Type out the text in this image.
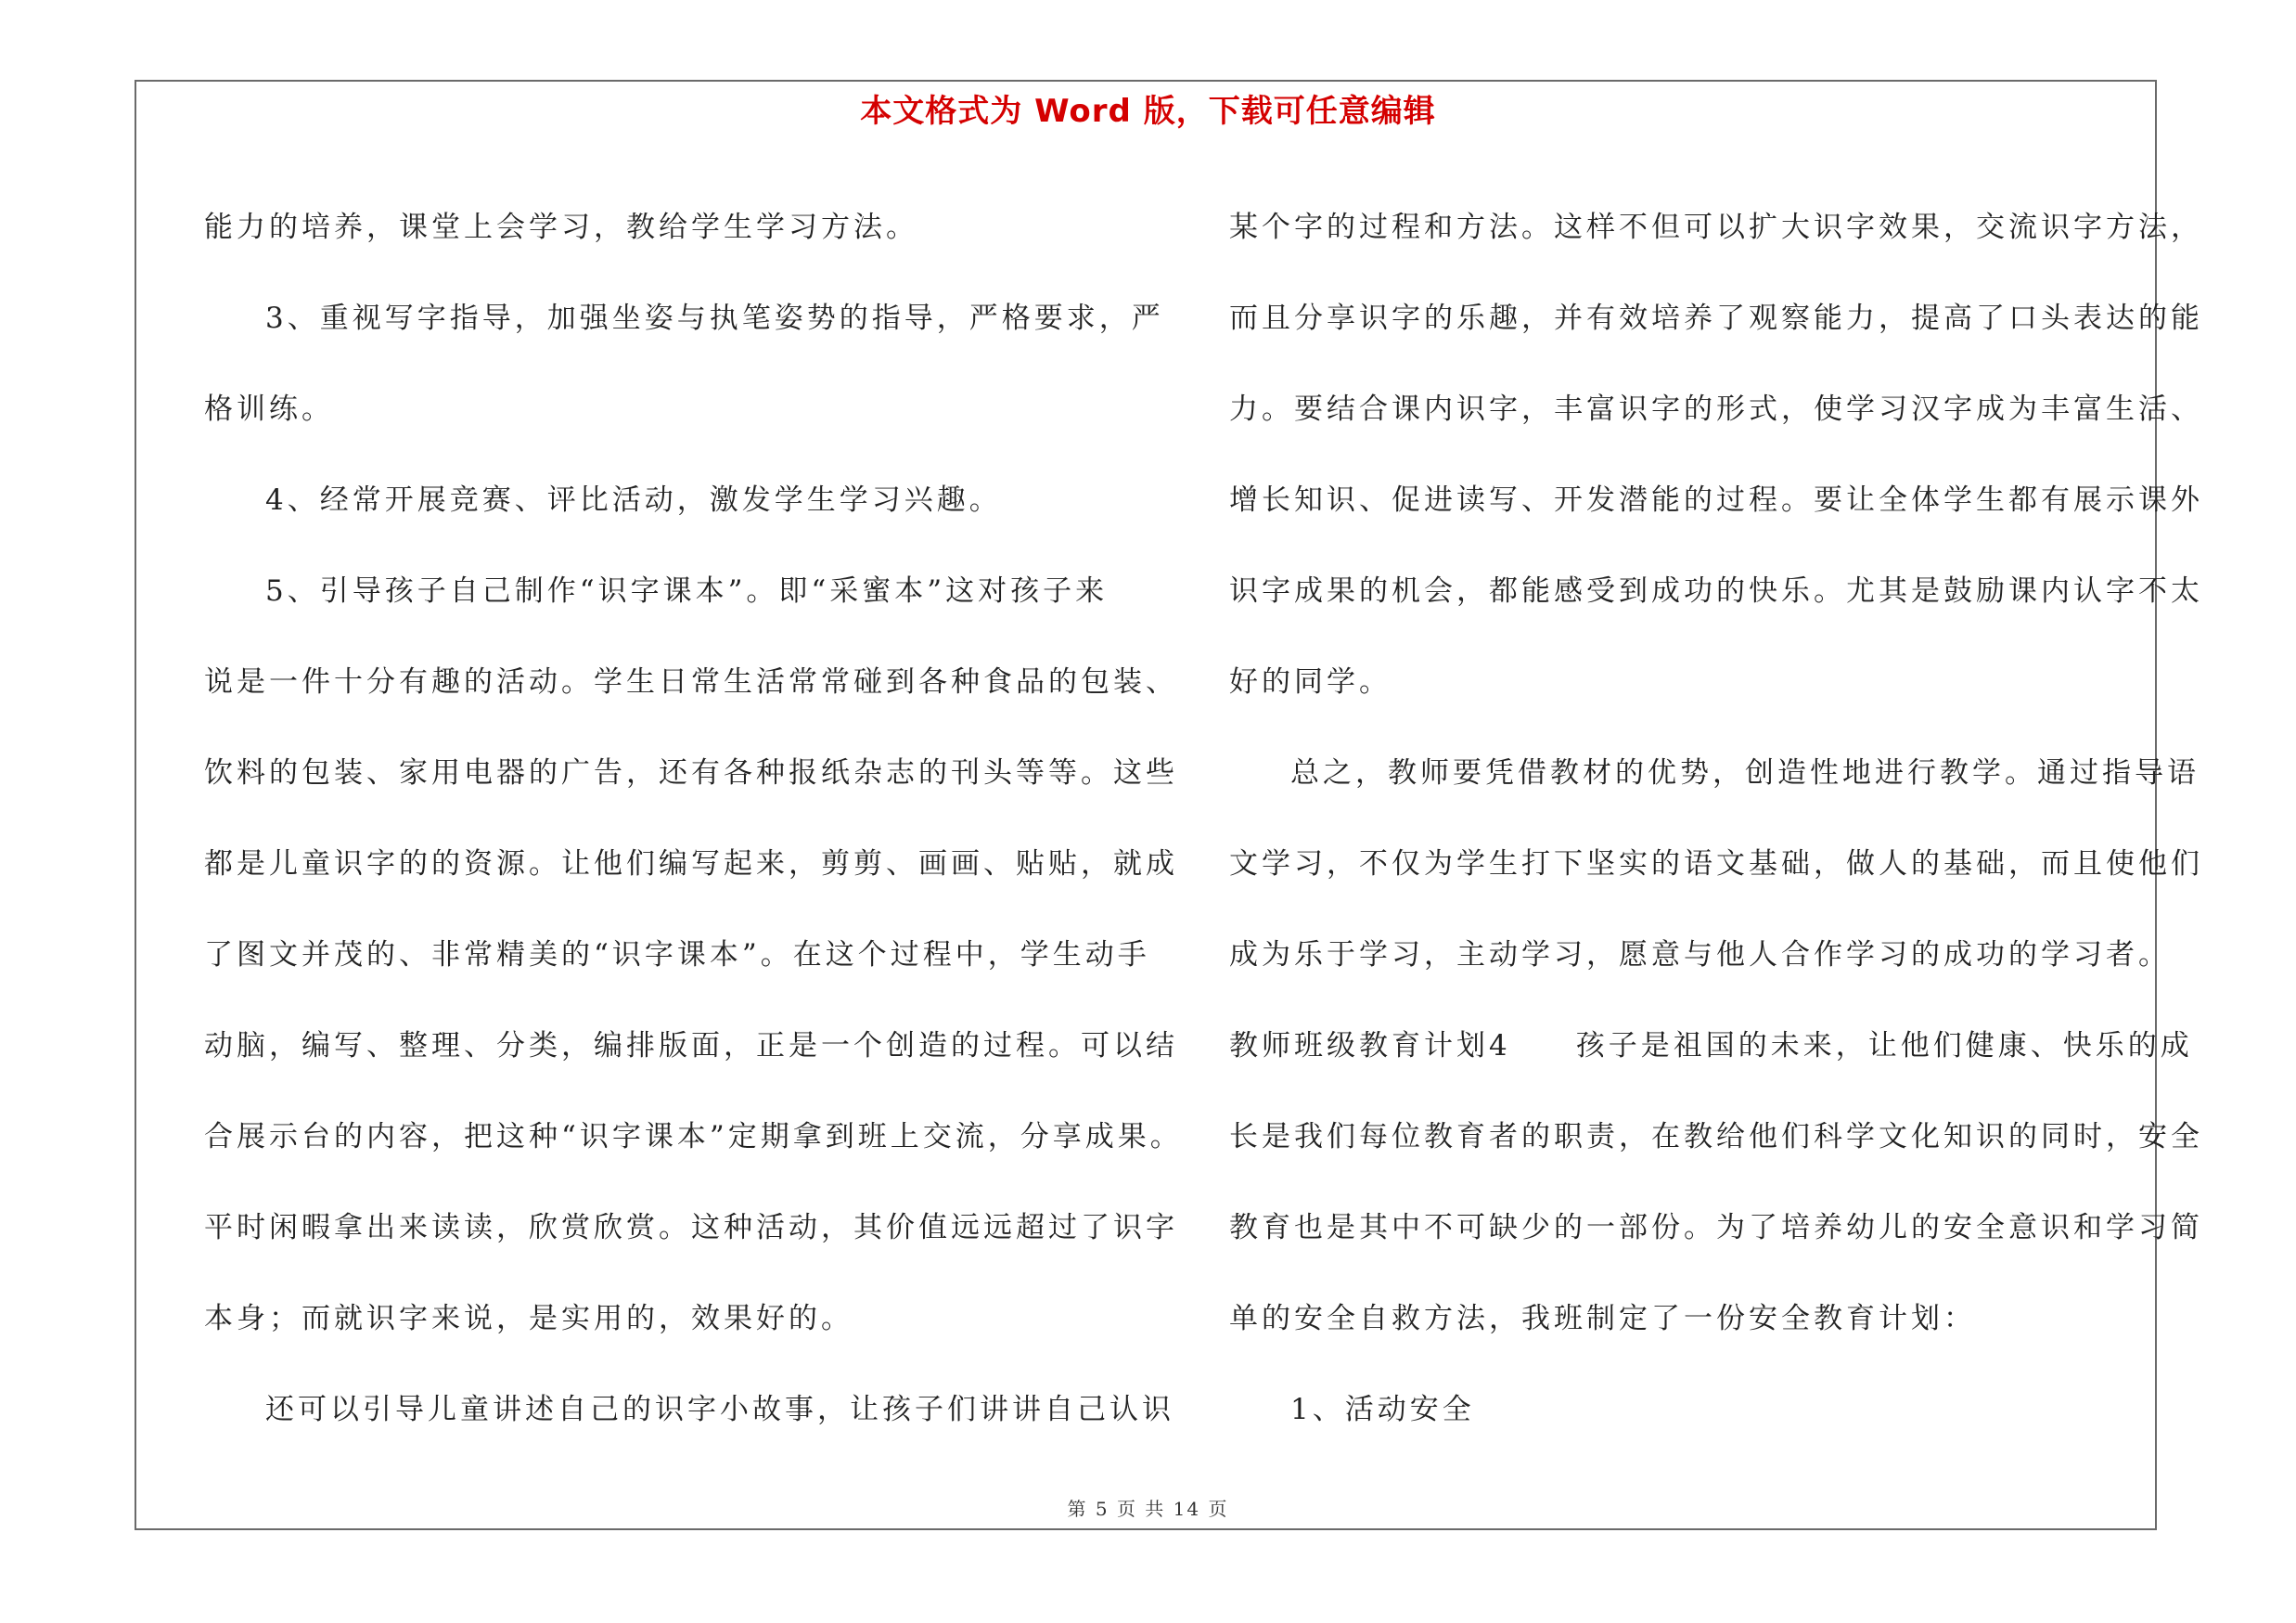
本文格式为 Word 版，下载可任意编辑
能力的培养，课堂上会学习，教给学生学习方法。
3、重视写字指导，加强坐姿与执笔姿势的指导，严格要求，严
格训练。
4、经常开展竞赛、评比活动，激发学生学习兴趣。
5、引导孩子自己制作“识字课本”。即“采蜜本”这对孩子来
说是一件十分有趣的活动。学生日常生活常常碰到各种食品的包装、
饮料的包装、家用电器的广告，还有各种报纸杂志的刊头等等。这些
都是儿童识字的的资源。让他们编写起来，剪剪、画画、贴贴，就成
了图文并茂的、非常精美的“识字课本”。在这个过程中，学生动手
动脑，编写、整理、分类，编排版面，正是一个创造的过程。可以结
合展示台的内容，把这种“识字课本”定期拿到班上交流，分享成果。
平时闲暇拿出来读读，欣赏欣赏。这种活动，其价值远远超过了识字
本身；而就识字来说，是实用的，效果好的。
还可以引导儿童讲述自己的识字小故事，让孩子们讲讲自己认识
某个字的过程和方法。这样不但可以扩大识字效果，交流识字方法，
而且分享识字的乐趣，并有效培养了观察能力，提高了口头表达的能
力。要结合课内识字，丰富识字的形式，使学习汉字成为丰富生活、
增长知识、促进读写、开发潜能的过程。要让全体学生都有展示课外
识字成果的机会，都能感受到成功的快乐。尤其是鼓励课内认字不太
好的同学。
总之，教师要凭借教材的优势，创造性地进行教学。通过指导语
文学习，不仅为学生打下坚实的语文基础，做人的基础，而且使他们
成为乐于学习，主动学习，愿意与他人合作学习的成功的学习者。
教师班级教育计划4　　孩子是祖国的未来，让他们健康、快乐的成
长是我们每位教育者的职责，在教给他们科学文化知识的同时，安全
教育也是其中不可缺少的一部份。为了培养幼儿的安全意识和学习简
单的安全自救方法，我班制定了一份安全教育计划：
1、活动安全
第 5 页 共 14 页
